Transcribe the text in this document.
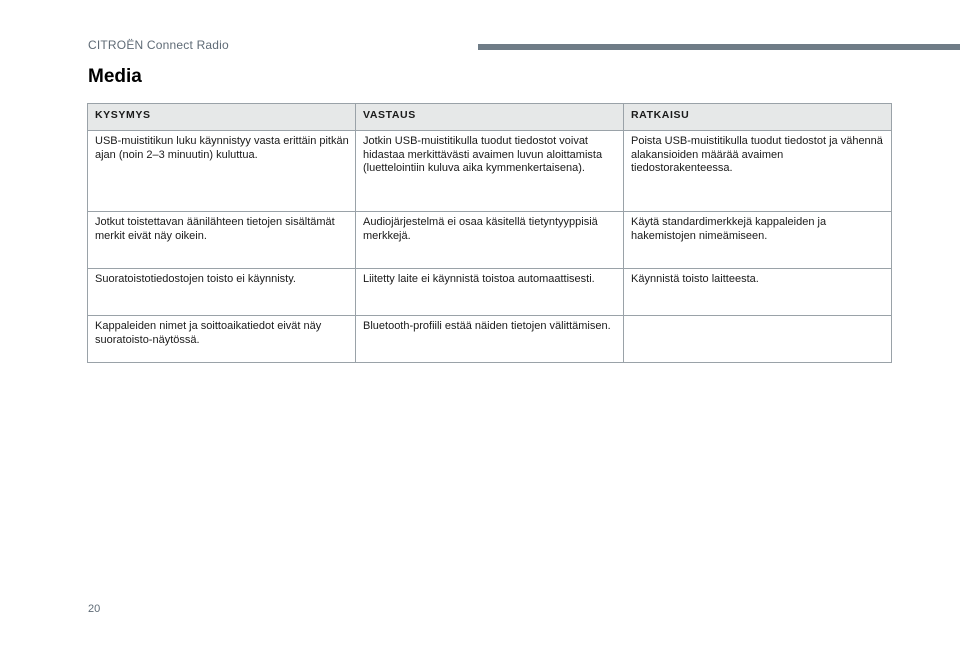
CITROËN Connect Radio
Media
KYSYMYS	VASTAUS	RATKAISU
USB-muistitikun luku käynnistyy vasta erittäin pitkän ajan (noin 2–3 minuutin) kuluttua.	Jotkin USB-muistitikulla tuodut tiedostot voivat hidastaa merkittävästi avaimen luvun aloittamista (luettelointiin kuluva aika kymmenkertaisena).	Poista USB-muistitikulla tuodut tiedostot ja vähennä alakansioiden määrää avaimen tiedostorakenteessa.
Jotkut toistettavan äänilähteen tietojen sisältämät merkit eivät näy oikein.	Audiojärjestelmä ei osaa käsitellä tietyntyyppisiä merkkejä.	Käytä standardimerkkejä kappaleiden ja hakemistojen nimeämiseen.
Suoratoistotiedostojen toisto ei käynnisty.	Liitetty laite ei käynnistä toistoa automaattisesti.	Käynnistä toisto laitteesta.
Kappaleiden nimet ja soittoaikatiedot eivät näy suoratoisto-näytössä.	Bluetooth-profiili estää näiden tietojen välittämisen.	
20
